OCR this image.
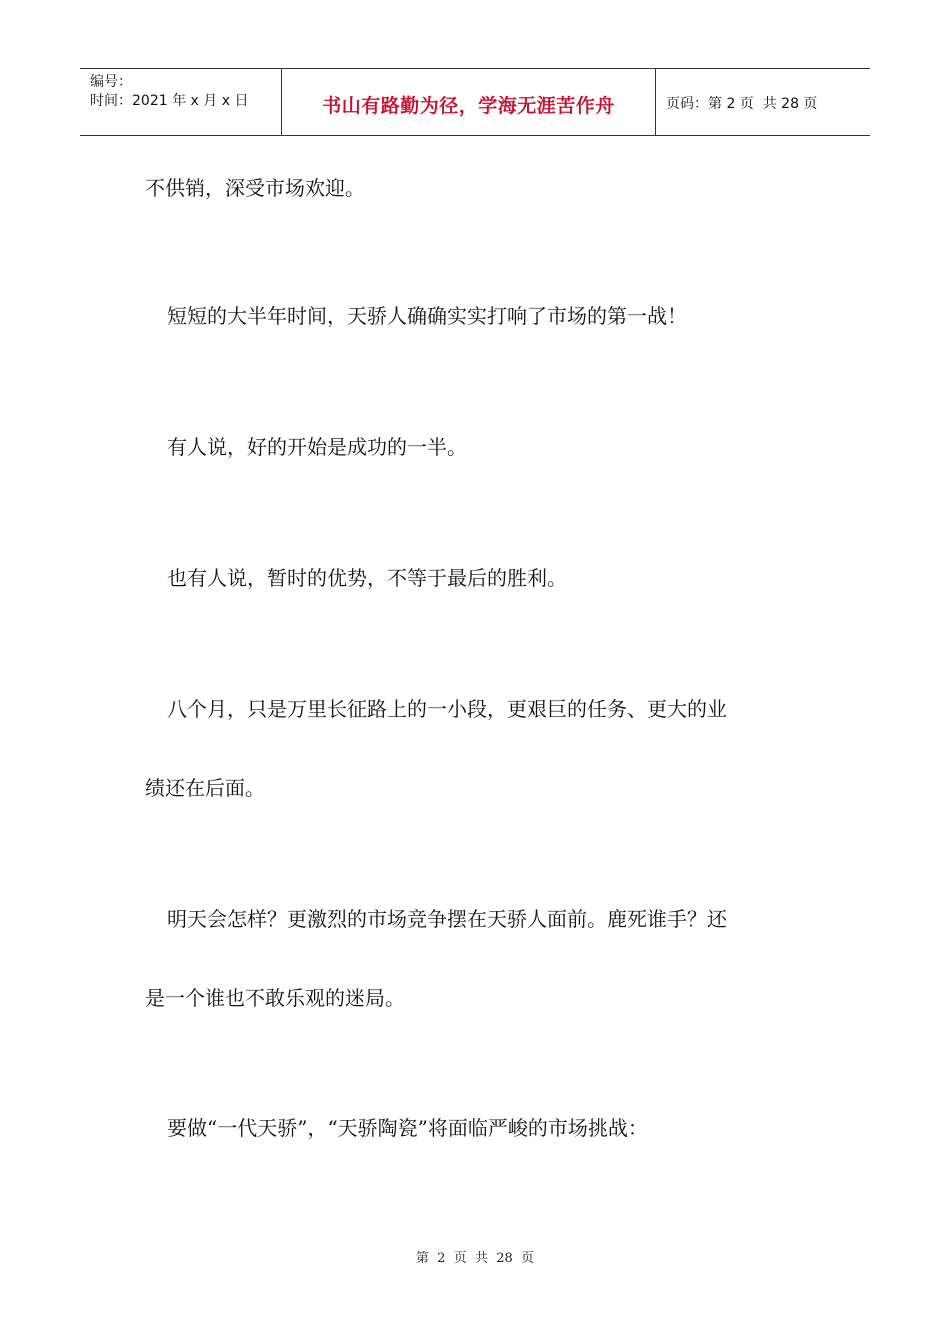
编号：
时间：2021 年 x 月 x 日	书山有路勤为径，学海无涯苦作舟	页码：第 2 页  共 28 页
不供销，深受市场欢迎。
短短的大半年时间，天骄人确确实实打响了市场的第一战！
有人说，好的开始是成功的一半。
也有人说，暂时的优势，不等于最后的胜利。
八个月，只是万里长征路上的一小段，更艰巨的任务、更大的业
绩还在后面。
明天会怎样？更激烈的市场竞争摆在天骄人面前。鹿死谁手？还
是一个谁也不敢乐观的迷局。
要做“一代天骄”，“天骄陶瓷”将面临严峻的市场挑战：
第  2  页  共  28  页
